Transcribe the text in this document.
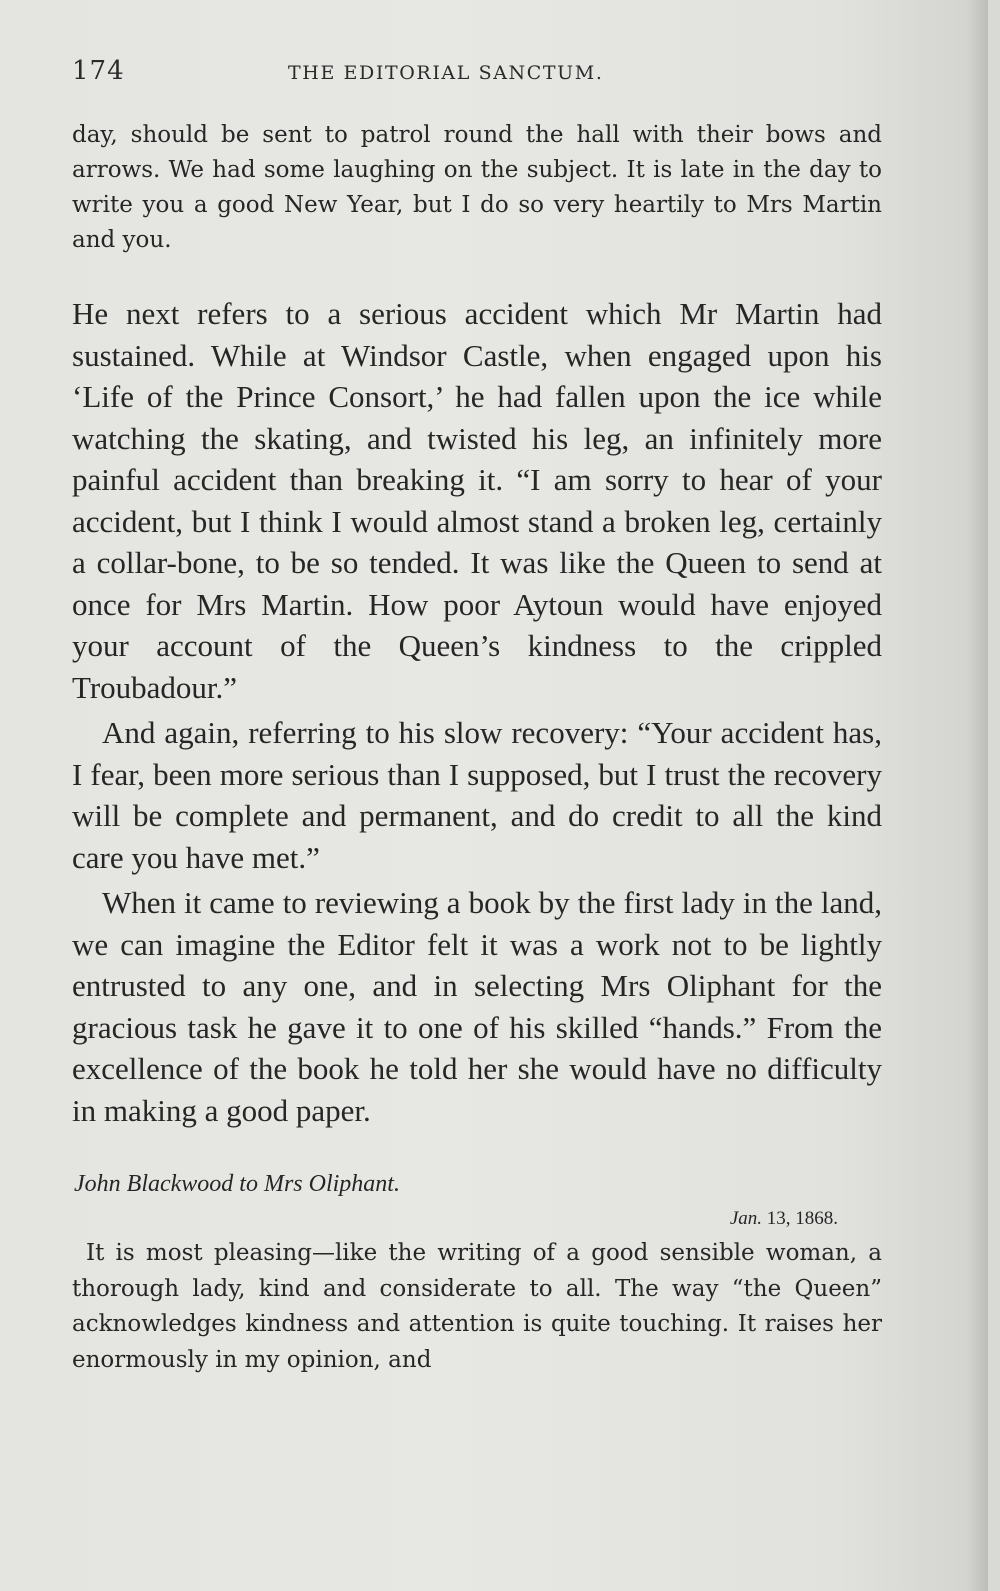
174	THE EDITORIAL SANCTUM.

day, should be sent to patrol round the hall with their bows and arrows. We had some laughing on the subject. It is late in the day to write you a good New Year, but I do so very heartily to Mrs Martin and you.

He next refers to a serious accident which Mr Martin had sustained. While at Windsor Castle, when engaged upon his ‘Life of the Prince Consort,’ he had fallen upon the ice while watching the skating, and twisted his leg, an infinitely more painful accident than breaking it. “I am sorry to hear of your accident, but I think I would almost stand a broken leg, certainly a collar-bone, to be so tended. It was like the Queen to send at once for Mrs Martin. How poor Aytoun would have enjoyed your account of the Queen’s kindness to the crippled Troubadour.”

And again, referring to his slow recovery: “Your accident has, I fear, been more serious than I supposed, but I trust the recovery will be complete and permanent, and do credit to all the kind care you have met.”

When it came to reviewing a book by the first lady in the land, we can imagine the Editor felt it was a work not to be lightly entrusted to any one, and in selecting Mrs Oliphant for the gracious task he gave it to one of his skilled “hands.” From the excellence of the book he told her she would have no difficulty in making a good paper.

John Blackwood to Mrs Oliphant.
Jan. 13, 1868.

It is most pleasing—like the writing of a good sensible woman, a thorough lady, kind and considerate to all. The way “the Queen” acknowledges kindness and attention is quite touching. It raises her enormously in my opinion, and
